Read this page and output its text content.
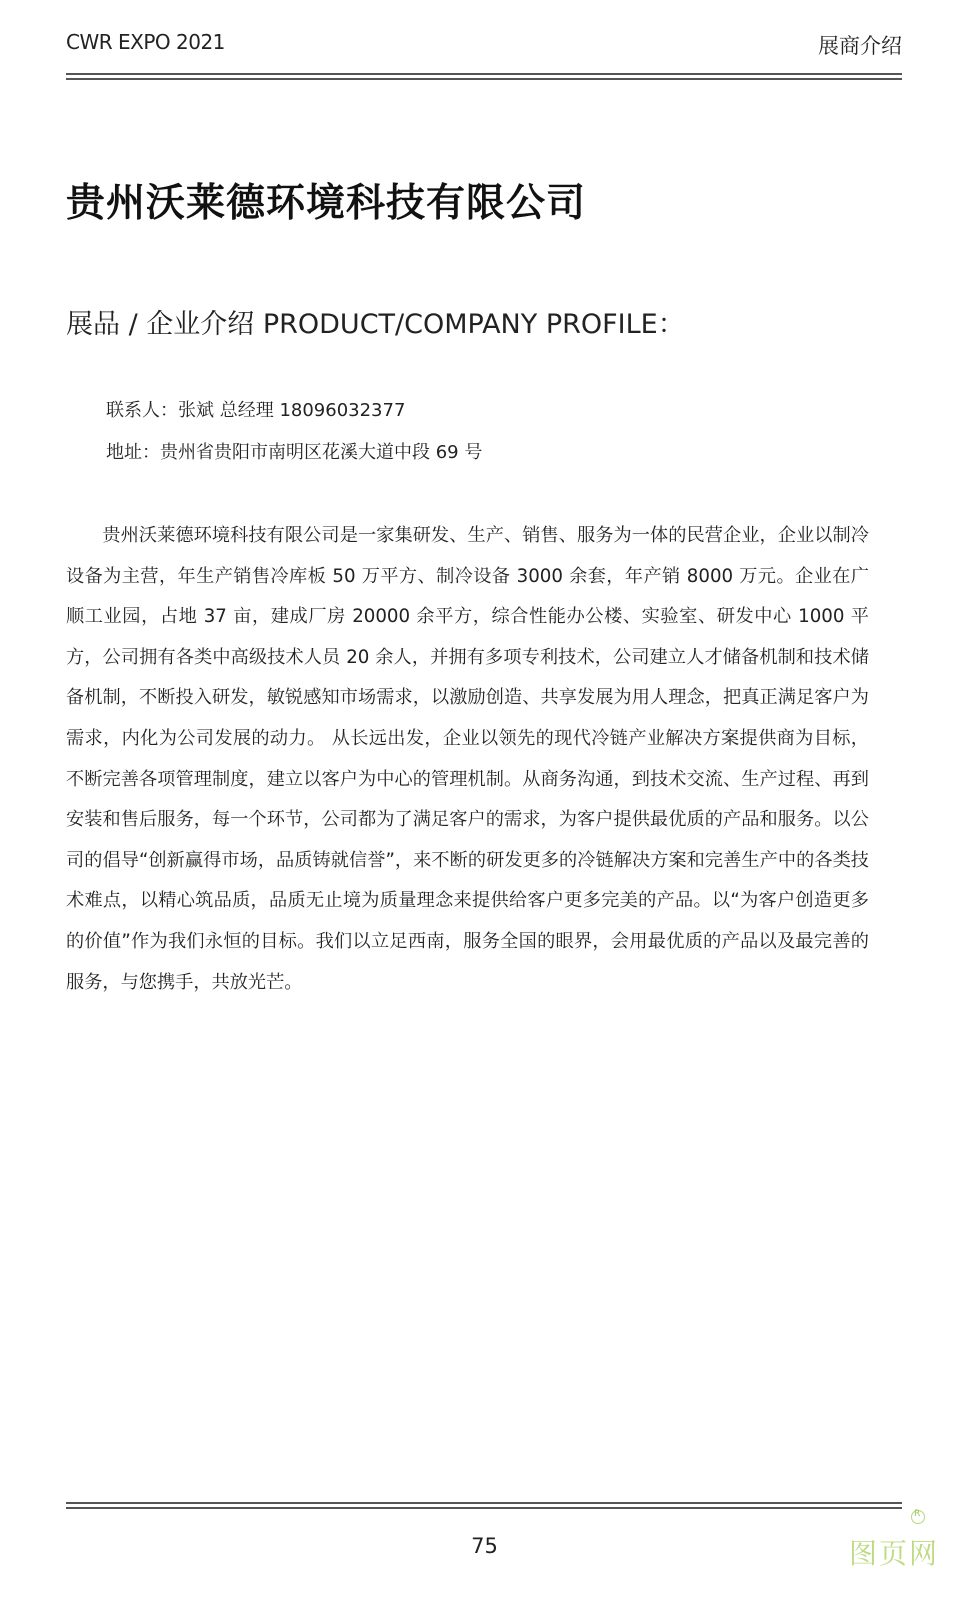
CWR EXPO 2021	展商介绍
贵州沃莱德环境科技有限公司
展品 / 企业介绍 PRODUCT/COMPANY PROFILE：
联系人：张斌 总经理 18096032377
地址：贵州省贵阳市南明区花溪大道中段 69 号

贵州沃莱德环境科技有限公司是一家集研发、生产、销售、服务为一体的民营企业，企业以制冷设备为主营，年生产销售冷库板 50 万平方、制冷设备 3000 余套，年产销 8000 万元。企业在广顺工业园，占地 37 亩，建成厂房 20000 余平方，综合性能办公楼、实验室、研发中心 1000 平方，公司拥有各类中高级技术人员 20 余人，并拥有多项专利技术，公司建立人才储备机制和技术储备机制，不断投入研发，敏锐感知市场需求，以激励创造、共享发展为用人理念，把真正满足客户为需求，内化为公司发展的动力。 从长远出发，企业以领先的现代冷链产业解决方案提供商为目标，不断完善各项管理制度，建立以客户为中心的管理机制。从商务沟通，到技术交流、生产过程、再到安装和售后服务，每一个环节，公司都为了满足客户的需求，为客户提供最优质的产品和服务。以公司的倡导“创新赢得市场，品质铸就信誉”，来不断的研发更多的冷链解决方案和完善生产中的各类技术难点，以精心筑品质，品质无止境为质量理念来提供给客户更多完美的产品。以“为客户创造更多的价值”作为我们永恒的目标。我们以立足西南，服务全国的眼界，会用最优质的产品以及最完善的服务，与您携手，共放光芒。

75
R	图页网
